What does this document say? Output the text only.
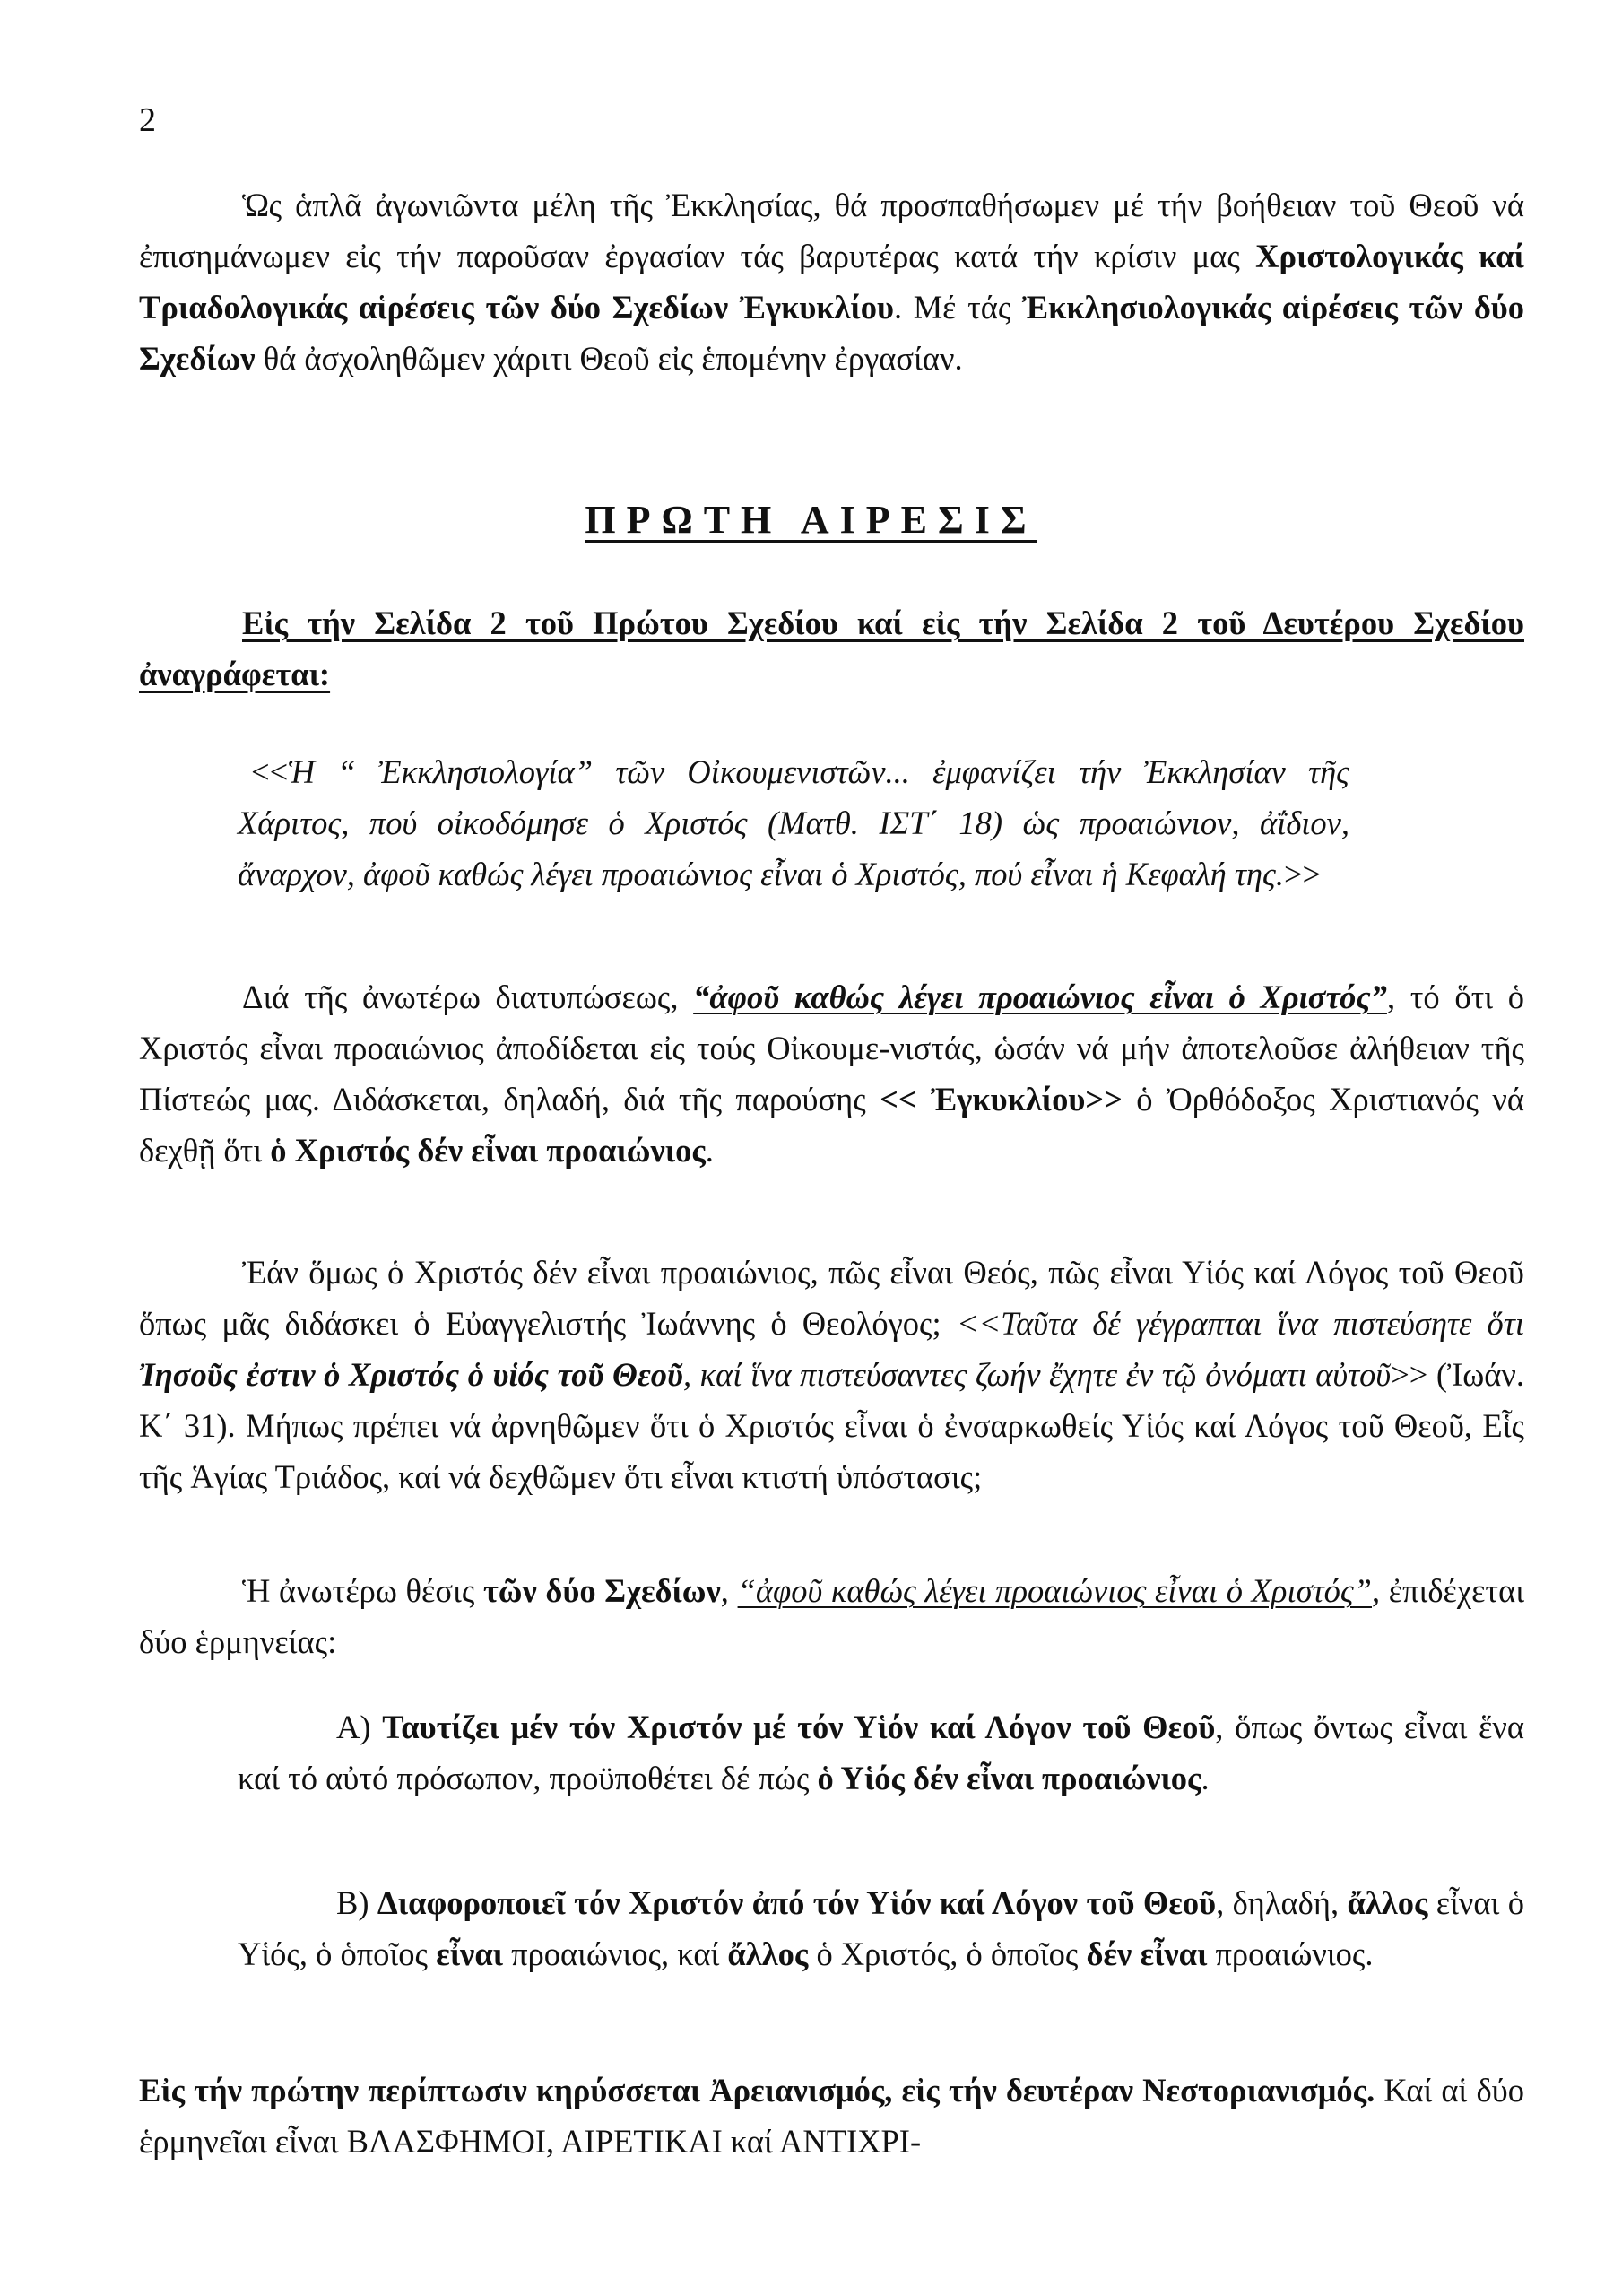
2

Ὡς ἁπλᾶ ἀγωνιῶντα μέλη τῆς Ἐκκλησίας, θά προσπαθήσωμεν μέ τήν βοήθειαν τοῦ Θεοῦ νά ἐπισημάνωμεν εἰς τήν παροῦσαν ἐργασίαν τάς βαρυτέρας κατά τήν κρίσιν μας Χριστολογικάς καί Τριαδολογικάς αἱρέσεις τῶν δύο Σχεδίων Ἐγκυκλίου. Μέ τάς Ἐκκλησιολογικάς αἱρέσεις τῶν δύο Σχεδίων θά ἀσχοληθῶμεν χάριτι Θεοῦ εἰς ἑπομένην ἐργασίαν.

ΠΡΩΤΗ ΑΙΡΕΣΙΣ

Εἰς τήν Σελίδα 2 τοῦ Πρώτου Σχεδίου καί εἰς τήν Σελίδα 2 τοῦ Δευτέρου Σχεδίου ἀναγράφεται:

<<Ἡ “ Ἐκκλησιολογία” τῶν Οἰκουμενιστῶν... ἐμφανίζει τήν Ἐκκλησίαν τῆς Χάριτος, πού οἰκοδόμησε ὁ Χριστός (Ματθ. ΙΣΤ΄ 18) ὡς προαιώνιον, ἀΐδιον, ἄναρχον, ἀφοῦ καθώς λέγει προαιώνιος εἶναι ὁ Χριστός, πού εἶναι ἡ Κεφαλή της.>>

Διά τῆς ἀνωτέρω διατυπώσεως, “ἀφοῦ καθώς λέγει προαιώνιος εἶναι ὁ Χριστός”, τό ὅτι ὁ Χριστός εἶναι προαιώνιος ἀποδίδεται εἰς τούς Οἰκουμε-νιστάς, ὡσάν νά μήν ἀποτελοῦσε ἀλήθειαν τῆς Πίστεώς μας. Διδάσκεται, δηλαδή, διά τῆς παρούσης << Ἐγκυκλίου>> ὁ Ὀρθόδοξος Χριστιανός νά δεχθῇ ὅτι ὁ Χριστός δέν εἶναι προαιώνιος.

Ἐάν ὅμως ὁ Χριστός δέν εἶναι προαιώνιος, πῶς εἶναι Θεός, πῶς εἶναι Υἱός καί Λόγος τοῦ Θεοῦ ὅπως μᾶς διδάσκει ὁ Εὐαγγελιστής Ἰωάννης ὁ Θεολόγος; <<Ταῦτα δέ γέγραπται ἵνα πιστεύσητε ὅτι Ἰησοῦς ἐστιν ὁ Χριστός ὁ υἱός τοῦ Θεοῦ, καί ἵνα πιστεύσαντες ζωήν ἔχητε ἐν τῷ ὀνόματι αὐτοῦ>> (Ἰωάν. Κ΄ 31). Μήπως πρέπει νά ἀρνηθῶμεν ὅτι ὁ Χριστός εἶναι ὁ ἐνσαρκωθείς Υἱός καί Λόγος τοῦ Θεοῦ, Εἷς τῆς Ἁγίας Τριάδος, καί νά δεχθῶμεν ὅτι εἶναι κτιστή ὑπόστασις;

Ἡ ἀνωτέρω θέσις τῶν δύο Σχεδίων, “ἀφοῦ καθώς λέγει προαιώνιος εἶναι ὁ Χριστός”, ἐπιδέχεται δύο ἑρμηνείας:

Α) Ταυτίζει μέν τόν Χριστόν μέ τόν Υἱόν καί Λόγον τοῦ Θεοῦ, ὅπως ὄντως εἶναι ἕνα καί τό αὐτό πρόσωπον, προϋποθέτει δέ πώς ὁ Υἱός δέν εἶναι προαιώνιος.

Β) Διαφοροποιεῖ τόν Χριστόν ἀπό τόν Υἱόν καί Λόγον τοῦ Θεοῦ, δηλαδή, ἄλλος εἶναι ὁ Υἱός, ὁ ὁποῖος εἶναι προαιώνιος, καί ἄλλος ὁ Χριστός, ὁ ὁποῖος δέν εἶναι προαιώνιος.

Εἰς τήν πρώτην περίπτωσιν κηρύσσεται Ἀρειανισμός, εἰς τήν δευτέραν Νεστοριανισμός. Καί αἱ δύο ἑρμηνεῖαι εἶναι ΒΛΑΣΦΗΜΟΙ, ΑΙΡΕΤΙΚΑΙ καί ΑΝΤΙΧΡΙ-
